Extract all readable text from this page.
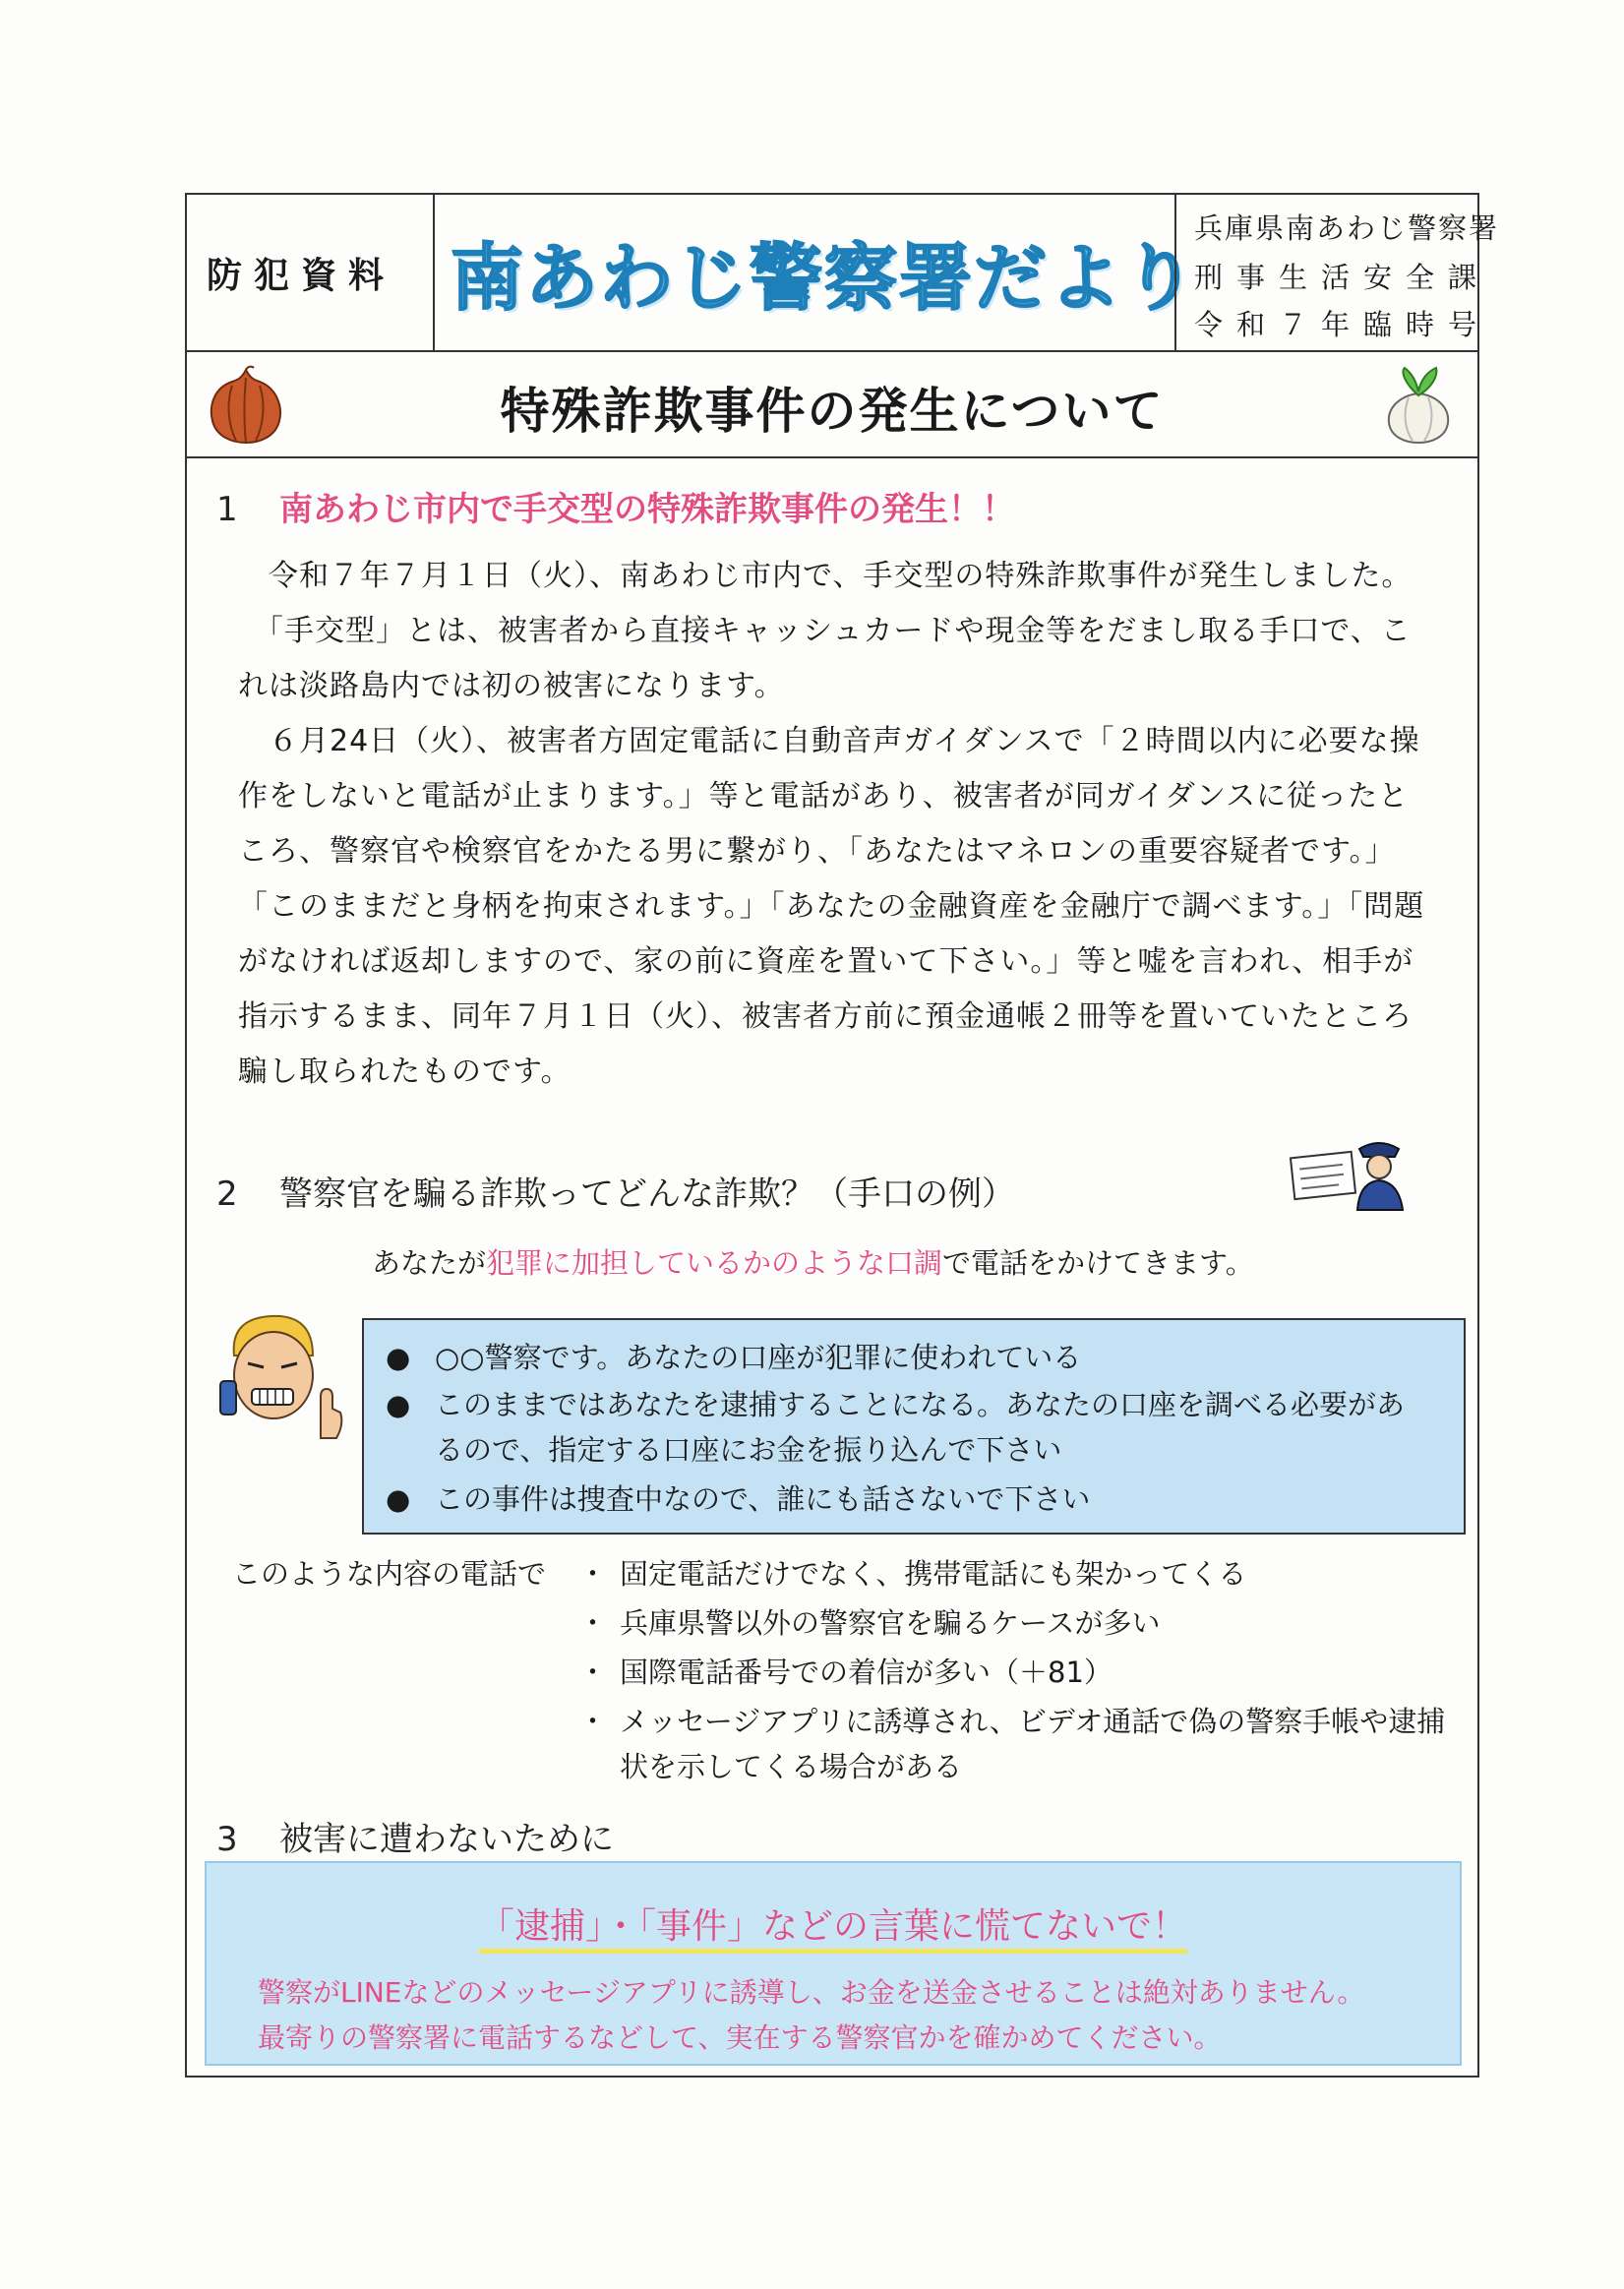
防犯資料 南あわじ警察署だより
兵庫県南あわじ警察署
刑事生活安全課
令和７年臨時号
特殊詐欺事件の発生について
1 南あわじ市内で手交型の特殊詐欺事件の発生！！
　令和７年７月１日（火）、南あわじ市内で、手交型の特殊詐欺事件が発生しました。
　「手交型」とは、被害者から直接キャッシュカードや現金等をだまし取る手口で、こ
れは淡路島内では初の被害になります。
　６月24日（火）、被害者方固定電話に自動音声ガイダンスで「２時間以内に必要な操
作をしないと電話が止まります。」等と電話があり、被害者が同ガイダンスに従ったと
ころ、警察官や検察官をかたる男に繋がり、「あなたはマネロンの重要容疑者です。」
「このままだと身柄を拘束されます。」「あなたの金融資産を金融庁で調べます。」「問題
がなければ返却しますので、家の前に資産を置いて下さい。」等と嘘を言われ、相手が
指示するまま、同年７月１日（火）、被害者方前に預金通帳２冊等を置いていたところ
騙し取られたものです。
2 警察官を騙る詐欺ってどんな詐欺？（手口の例）
あなたが犯罪に加担しているかのような口調で電話をかけてきます。
● ○○警察です。あなたの口座が犯罪に使われている
● このままではあなたを逮捕することになる。あなたの口座を調べる必要があ
るので、指定する口座にお金を振り込んで下さい
● この事件は捜査中なので、誰にも話さないで下さい
このような内容の電話で ・ 固定電話だけでなく、携帯電話にも架かってくる
・ 兵庫県警以外の警察官を騙るケースが多い
・ 国際電話番号での着信が多い（＋81）
・ メッセージアプリに誘導され、ビデオ通話で偽の警察手帳や逮捕
状を示してくる場合がある
3 被害に遭わないために
「逮捕」・「事件」などの言葉に慌てないで！
警察がLINEなどのメッセージアプリに誘導し、お金を送金させることは絶対ありません。
最寄りの警察署に電話するなどして、実在する警察官かを確かめてください。
